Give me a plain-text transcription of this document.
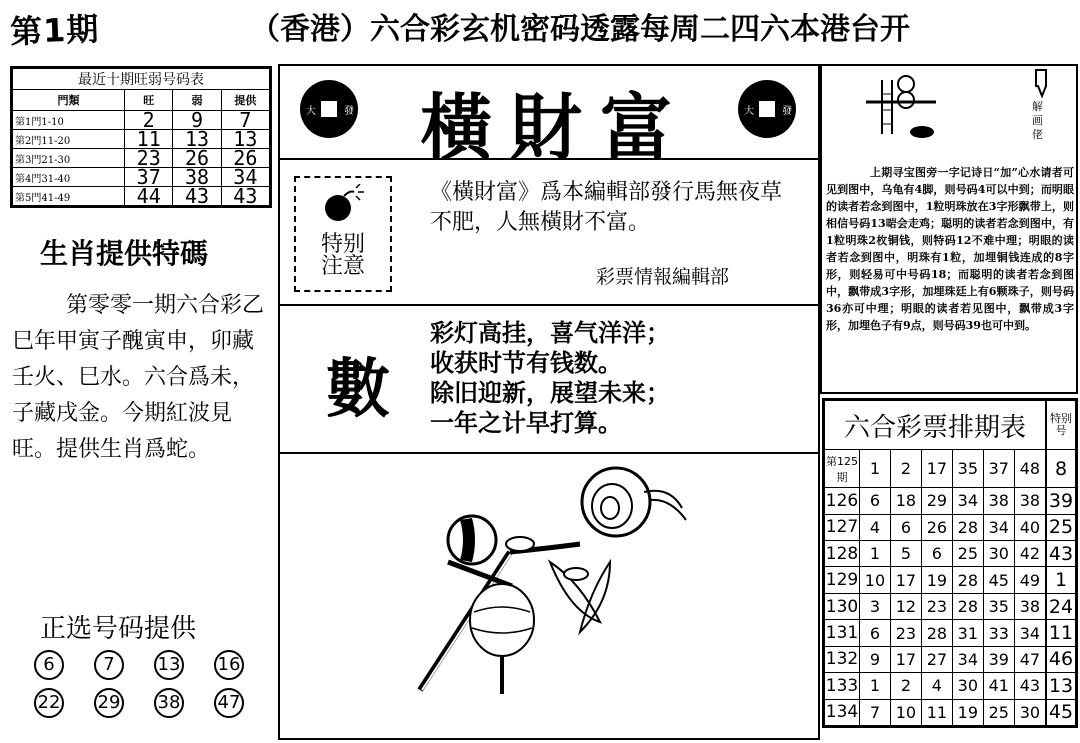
第1期	（香港）六合彩玄机密码透露每周二四六本港台开
最近十期旺弱号码表			
門類	旺	弱	提供
第1門1-10	2	9	7
第2門11-20	11	13	13
第3門21-30	23	26	26
第4門31-40	37	38	34
第5門41-49	44	43	43
生肖提供特碼
第零零一期六合彩乙巳年甲寅子醜寅申，卯藏壬火、巳水。六合爲未，子藏戌金。今期紅波見旺。提供生肖爲蛇。
正选号码提供
6	7	13 16
22 29 38 47
大	發 橫財富	大	發
特别
注意
《橫財富》爲本編輯部發行馬無夜草不肥，人無橫財不富。
彩票情報編輯部
數
彩灯高挂，喜气洋洋；
收获时节有钱数。
除旧迎新，展望未来；
一年之计早打算。
解画佬
上期寻宝图旁一字记诗日“加”心水请者可见到图中，乌龟有4脚，则号码4可以中到；而明眼的读者若念到图中，1粒明珠放在3字形飘带上，则相信号码13啱会走鸡；聪明的读者若念到图中，有1粒明珠2枚铜钱，则特码12不难中理；明眼的读者若念到图中，明珠有1粒，加埋铜钱连成的8字形，则轻易可中号码18；而聪明的读者若念到图中，飘带成3字形，加埋珠廷上有6颗珠子，则号码36亦可中理；明眼的读者若见图中，飘带成3字形，加埋色子有9点，则号码39也可中到。
六合彩票排期表							特别号
第125期	1	2	17	35	37	48	8
126	6	18	29	34	38	38	39
127	4	6	26	28	34	40	25
128	1	5	6	25	30	42	43
129	10	17	19	28	45	49	1
130	3	12	23	28	35	38	24
131	6	23	28	31	33	34	11
132	9	17	27	34	39	47	46
133	1	2	4	30	41	43	13
134	7	10	11	19	25	30	45
